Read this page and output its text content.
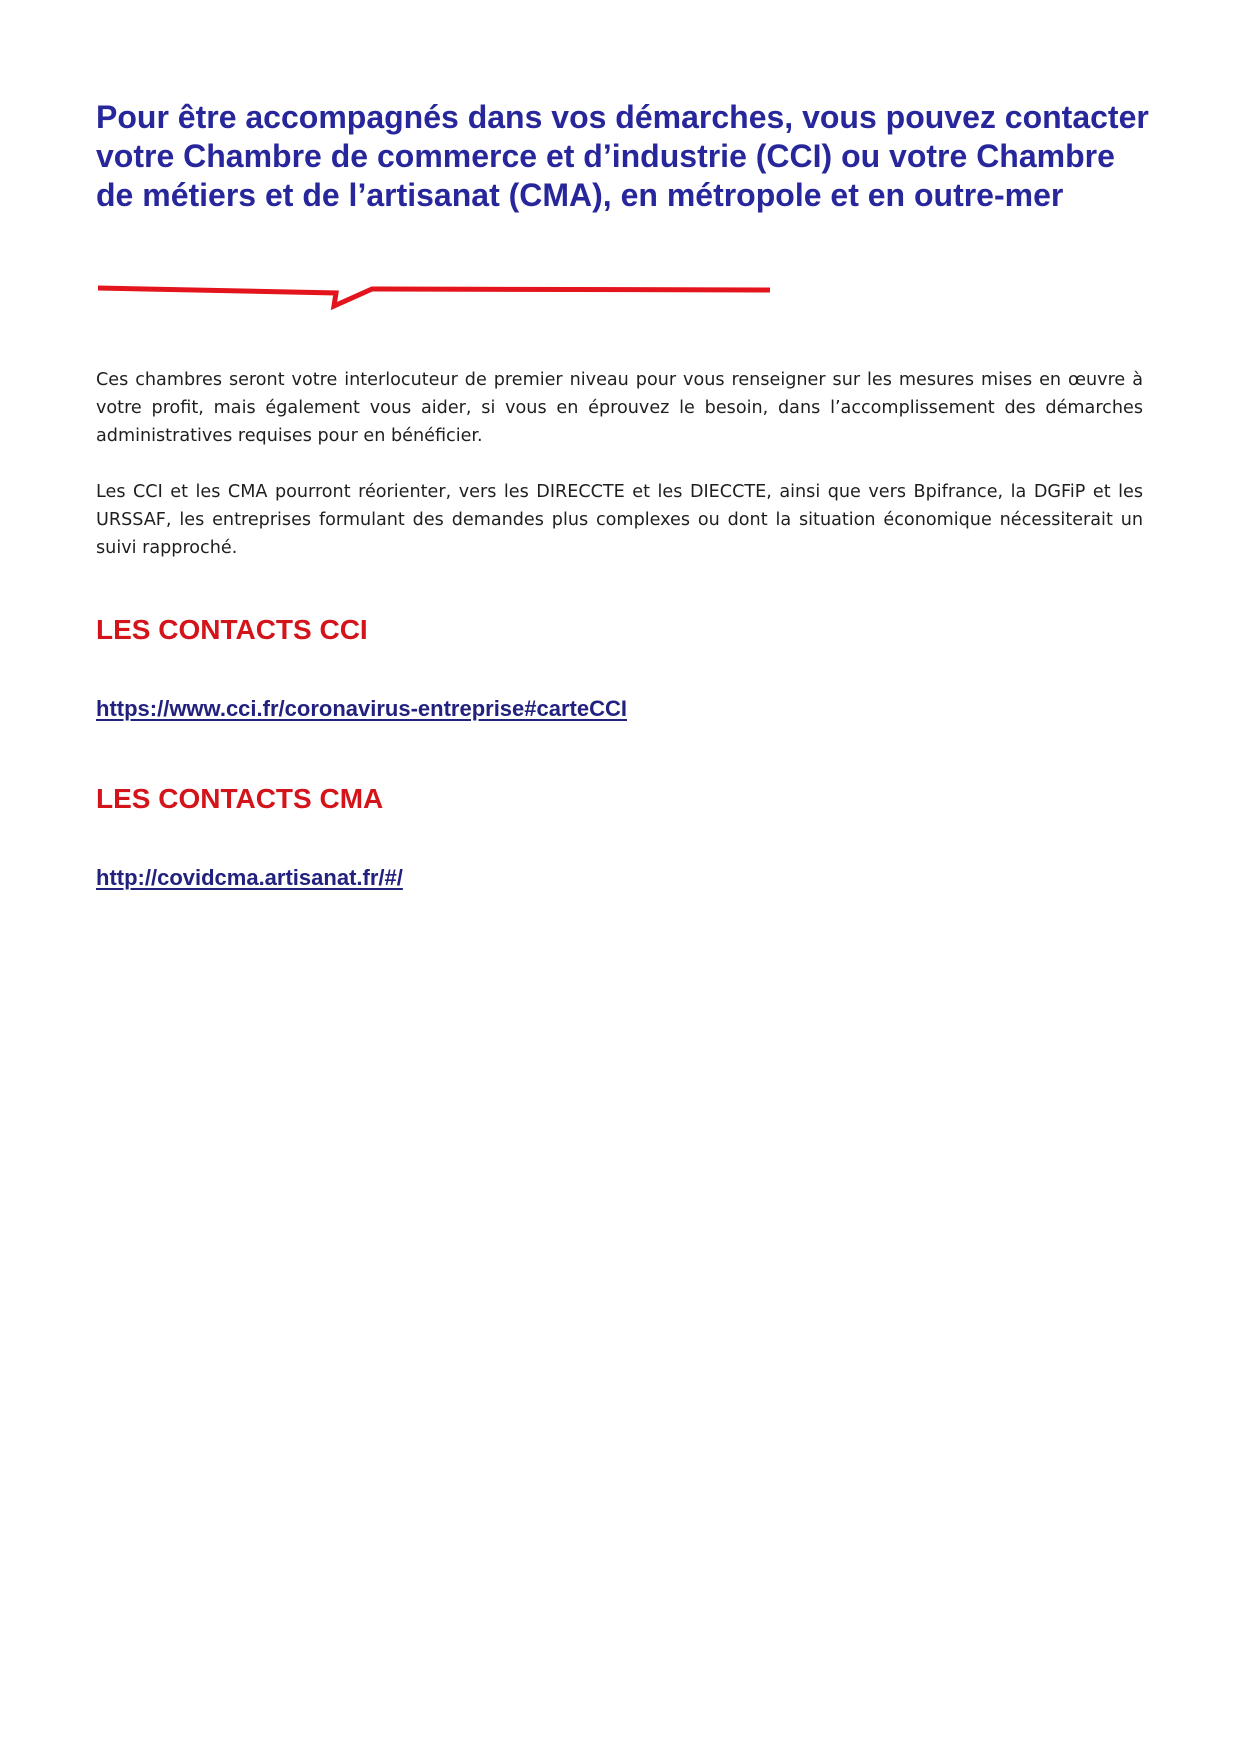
Pour être accompagnés dans vos démarches, vous pouvez contacter votre Chambre de commerce et d’industrie (CCI) ou votre Chambre de métiers et de l’artisanat (CMA), en métropole et en outre-mer

Ces chambres seront votre interlocuteur de premier niveau pour vous renseigner sur les mesures mises en œuvre à votre profit, mais également vous aider, si vous en éprouvez le besoin, dans l’accomplissement des démarches administratives requises pour en bénéficier.

Les CCI et les CMA pourront réorienter, vers les DIRECCTE et les DIECCTE, ainsi que vers Bpifrance, la DGFiP et les URSSAF, les entreprises formulant des demandes plus complexes ou dont la situation économique nécessiterait un suivi rapproché.

LES CONTACTS CCI
https://www.cci.fr/coronavirus-entreprise#carteCCI
LES CONTACTS CMA
http://covidcma.artisanat.fr/#/
